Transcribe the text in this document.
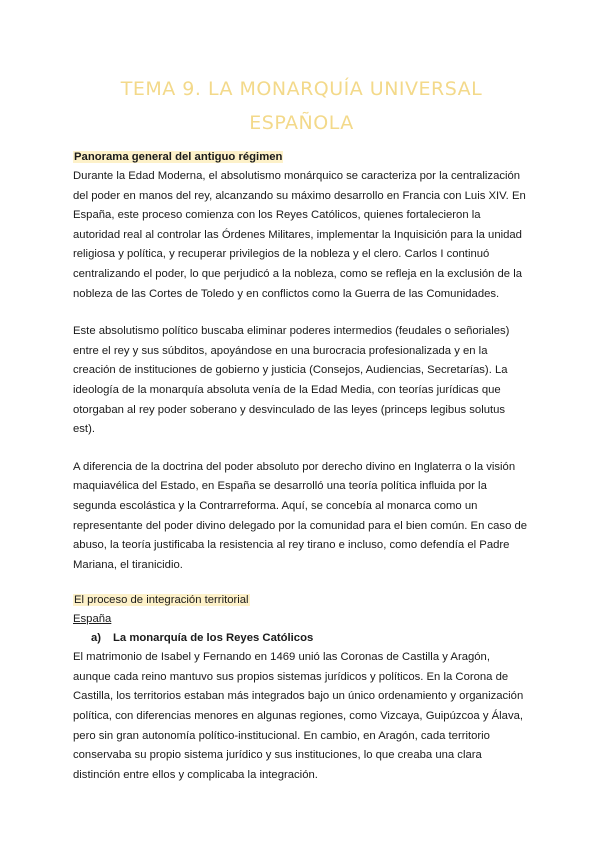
TEMA 9. LA MONARQUÍA UNIVERSAL ESPAÑOLA
Panorama general del antiguo régimen

Durante la Edad Moderna, el absolutismo monárquico se caracteriza por la centralización del poder en manos del rey, alcanzando su máximo desarrollo en Francia con Luis XIV. En España, este proceso comienza con los Reyes Católicos, quienes fortalecieron la autoridad real al controlar las Órdenes Militares, implementar la Inquisición para la unidad religiosa y política, y recuperar privilegios de la nobleza y el clero. Carlos I continuó centralizando el poder, lo que perjudicó a la nobleza, como se refleja en la exclusión de la nobleza de las Cortes de Toledo y en conflictos como la Guerra de las Comunidades.

Este absolutismo político buscaba eliminar poderes intermedios (feudales o señoriales) entre el rey y sus súbditos, apoyándose en una burocracia profesionalizada y en la creación de instituciones de gobierno y justicia (Consejos, Audiencias, Secretarías). La ideología de la monarquía absoluta venía de la Edad Media, con teorías jurídicas que otorgaban al rey poder soberano y desvinculado de las leyes (princeps legibus solutus est).

A diferencia de la doctrina del poder absoluto por derecho divino en Inglaterra o la visión maquiavélica del Estado, en España se desarrolló una teoría política influida por la segunda escolástica y la Contrarreforma. Aquí, se concebía al monarca como un representante del poder divino delegado por la comunidad para el bien común. En caso de abuso, la teoría justificaba la resistencia al rey tirano e incluso, como defendía el Padre Mariana, el tiranicidio.

El proceso de integración territorial
España
a) La monarquía de los Reyes Católicos

El matrimonio de Isabel y Fernando en 1469 unió las Coronas de Castilla y Aragón, aunque cada reino mantuvo sus propios sistemas jurídicos y políticos. En la Corona de Castilla, los territorios estaban más integrados bajo un único ordenamiento y organización política, con diferencias menores en algunas regiones, como Vizcaya, Guipúzcoa y Álava, pero sin gran autonomía político-institucional. En cambio, en Aragón, cada territorio conservaba su propio sistema jurídico y sus instituciones, lo que creaba una clara distinción entre ellos y complicaba la integración.
